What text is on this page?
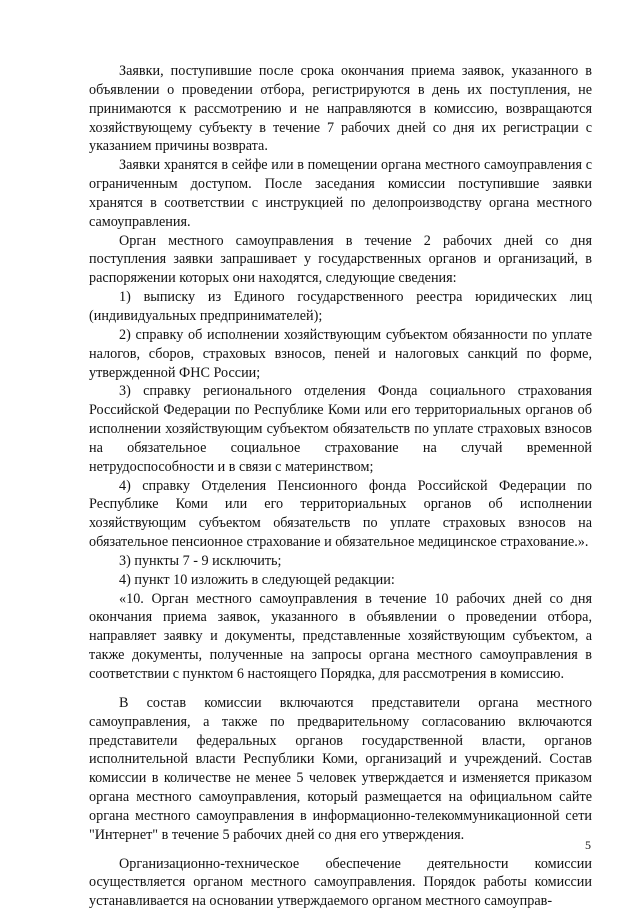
Заявки, поступившие после срока окончания приема заявок, указанного в объявлении о проведении отбора, регистрируются в день их поступления, не принимаются к рассмотрению и не направляются в комиссию, возвращаются хозяйствующему субъекту в течение 7 рабочих дней со дня их регистрации с указанием причины возврата.

Заявки хранятся в сейфе или в помещении органа местного самоуправления с ограниченным доступом. После заседания комиссии поступившие заявки хранятся в соответствии с инструкцией по делопроизводству органа местного самоуправления.

Орган местного самоуправления в течение 2 рабочих дней со дня поступления заявки запрашивает у государственных органов и организаций, в распоряжении которых они находятся, следующие сведения:

1) выписку из Единого государственного реестра юридических лиц (индивидуальных предпринимателей);

2) справку об исполнении хозяйствующим субъектом обязанности по уплате налогов, сборов, страховых взносов, пеней и налоговых санкций по форме, утвержденной ФНС России;

3) справку регионального отделения Фонда социального страхования Российской Федерации по Республике Коми или его территориальных органов об исполнении хозяйствующим субъектом обязательств по уплате страховых взносов на обязательное социальное страхование на случай временной нетрудоспособности и в связи с материнством;

4) справку Отделения Пенсионного фонда Российской Федерации по Республике Коми или его территориальных органов об исполнении хозяйствующим субъектом обязательств по уплате страховых взносов на обязательное пенсионное страхование и обязательное медицинское страхование.».

3) пункты 7 - 9 исключить;

4) пункт 10 изложить в следующей редакции:

«10. Орган местного самоуправления в течение 10 рабочих дней со дня окончания приема заявок, указанного в объявлении о проведении отбора, направляет заявку и документы, представленные хозяйствующим субъектом, а также документы, полученные на запросы органа местного самоуправления в соответствии с пунктом 6 настоящего Порядка, для рассмотрения в комиссию.

В состав комиссии включаются представители органа местного самоуправления, а также по предварительному согласованию включаются представители федеральных органов государственной власти, органов исполнительной власти Республики Коми, организаций и учреждений. Состав комиссии в количестве не менее 5 человек утверждается и изменяется приказом органа местного самоуправления, который размещается на официальном сайте органа местного самоуправления в информационно-телекоммуникационной сети "Интернет" в течение 5 рабочих дней со дня его утверждения.

Организационно-техническое обеспечение деятельности комиссии осуществляется органом местного самоуправления. Порядок работы комиссии устанавливается на основании утверждаемого органом местного самоуправ-

5
